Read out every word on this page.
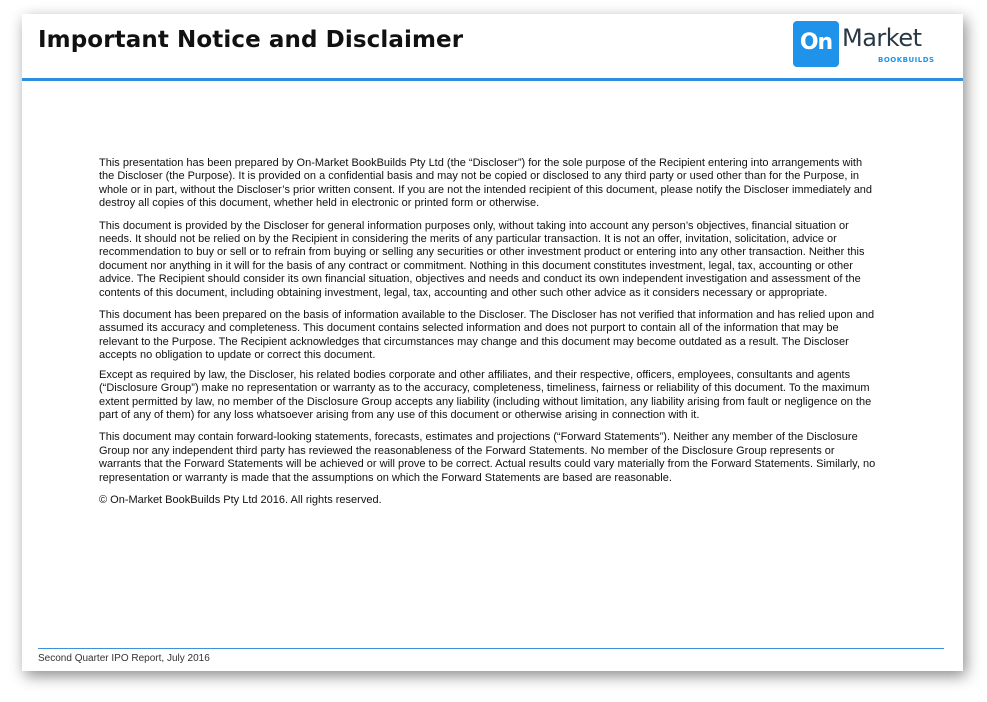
Important Notice and Disclaimer	On Market
BOOKBUILDS

This presentation has been prepared by On-Market BookBuilds Pty Ltd (the “Discloser”) for the sole purpose of the Recipient entering into arrangements with the Discloser (the Purpose). It is provided on a confidential basis and may not be copied or disclosed to any third party or used other than for the Purpose, in whole or in part, without the Discloser’s prior written consent. If you are not the intended recipient of this document, please notify the Discloser immediately and destroy all copies of this document, whether held in electronic or printed form or otherwise.

This document is provided by the Discloser for general information purposes only, without taking into account any person’s objectives, financial situation or needs. It should not be relied on by the Recipient in considering the merits of any particular transaction. It is not an offer, invitation, solicitation, advice or recommendation to buy or sell or to refrain from buying or selling any securities or other investment product or entering into any other transaction. Neither this document nor anything in it will for the basis of any contract or commitment. Nothing in this document constitutes investment, legal, tax, accounting or other advice. The Recipient should consider its own financial situation, objectives and needs and conduct its own independent investigation and assessment of the contents of this document, including obtaining investment, legal, tax, accounting and other such other advice as it considers necessary or appropriate.

This document has been prepared on the basis of information available to the Discloser. The Discloser has not verified that information and has relied upon and assumed its accuracy and completeness. This document contains selected information and does not purport to contain all of the information that may be relevant to the Purpose. The Recipient acknowledges that circumstances may change and this document may become outdated as a result. The Discloser accepts no obligation to update or correct this document.

Except as required by law, the Discloser, his related bodies corporate and other affiliates, and their respective, officers, employees, consultants and agents (“Disclosure Group”) make no representation or warranty as to the accuracy, completeness, timeliness, fairness or reliability of this document. To the maximum extent permitted by law, no member of the Disclosure Group accepts any liability (including without limitation, any liability arising from fault or negligence on the part of any of them) for any loss whatsoever arising from any use of this document or otherwise arising in connection with it.

This document may contain forward-looking statements, forecasts, estimates and projections (“Forward Statements”). Neither any member of the Disclosure Group nor any independent third party has reviewed the reasonableness of the Forward Statements. No member of the Disclosure Group represents or warrants that the Forward Statements will be achieved or will prove to be correct. Actual results could vary materially from the Forward Statements. Similarly, no representation or warranty is made that the assumptions on which the Forward Statements are based are reasonable.

© On-Market BookBuilds Pty Ltd 2016. All rights reserved.

Second Quarter IPO Report, July 2016
